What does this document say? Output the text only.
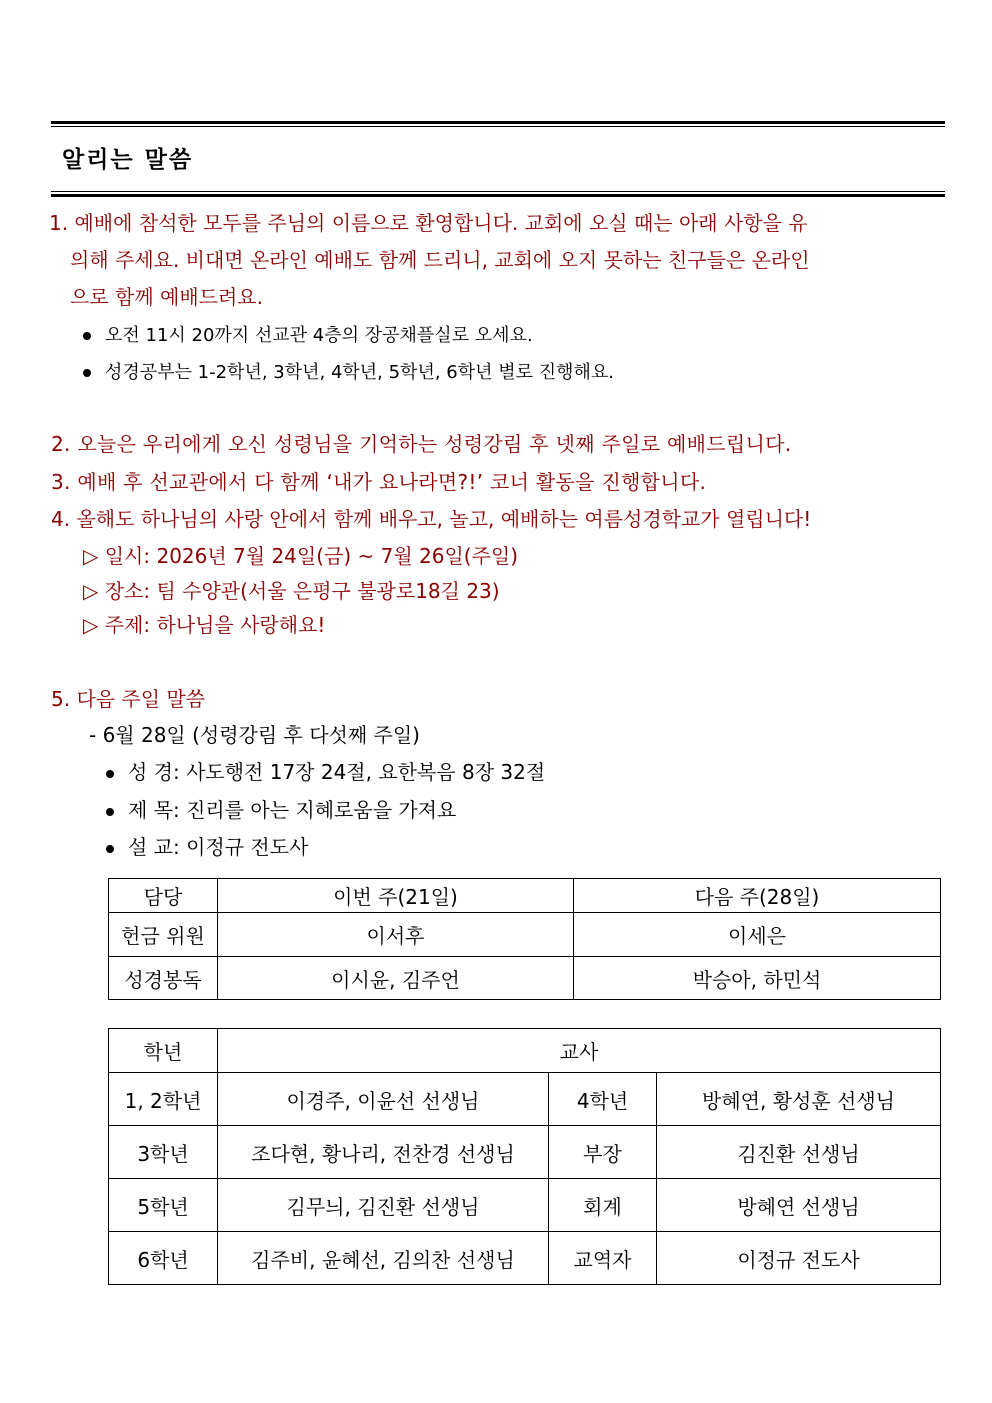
알리는 말씀
1. 예배에 참석한 모두를 주님의 이름으로 환영합니다. 교회에 오실 때는 아래 사항을 유
의해 주세요. 비대면 온라인 예배도 함께 드리니, 교회에 오지 못하는 친구들은 온라인
으로 함께 예배드려요.
오전 11시 20까지 선교관 4층의 장공채플실로 오세요.
성경공부는 1-2학년, 3학년, 4학년, 5학년, 6학년 별로 진행해요.
2. 오늘은 우리에게 오신 성령님을 기억하는 성령강림 후 넷째 주일로 예배드립니다.
3. 예배 후 선교관에서 다 함께 ‘내가 요나라면?!’ 코너 활동을 진행합니다.
4. 올해도 하나님의 사랑 안에서 함께 배우고, 놀고, 예배하는 여름성경학교가 열립니다!
▷ 일시: 2026년 7월 24일(금) ~ 7월 26일(주일)
▷ 장소: 팀 수양관(서울 은평구 불광로18길 23)
▷ 주제: 하나님을 사랑해요!
5. 다음 주일 말씀
- 6월 28일 (성령강림 후 다섯째 주일)
성 경: 사도행전 17장 24절, 요한복음 8장 32절
제 목: 진리를 아는 지혜로움을 가져요
설 교: 이정규 전도사
담당	이번 주(21일)	다음 주(28일)
헌금 위원	이서후	이세은
성경봉독	이시윤, 김주언	박승아, 하민석
학년	교사		
1, 2학년	이경주, 이윤선 선생님	4학년	방혜연, 황성훈 선생님
3학년	조다현, 황나리, 전찬경 선생님	부장	김진환 선생님
5학년	김무늬, 김진환 선생님	회계	방혜연 선생님
6학년	김주비, 윤혜선, 김의찬 선생님	교역자	이정규 전도사
